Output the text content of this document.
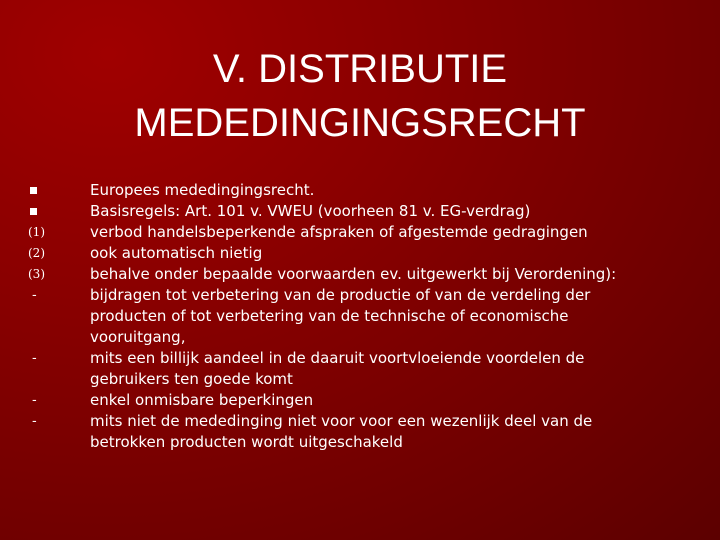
V. DISTRIBUTIE
MEDEDINGINGSRECHT
Europees mededingingsrecht.
Basisregels: Art. 101 v. VWEU (voorheen 81 v. EG-verdrag)
(1)	verbod handelsbeperkende afspraken of afgestemde gedragingen
(2)	ook automatisch nietig
(3)	behalve onder bepaalde voorwaarden ev. uitgewerkt bij Verordening):
-	bijdragen tot verbetering van de productie of van de verdeling der
producten of tot verbetering van de technische of economische
vooruitgang,
-	mits een billijk aandeel in de daaruit voortvloeiende voordelen de
gebruikers ten goede komt
-	enkel onmisbare beperkingen
-	mits niet de mededinging niet voor voor een wezenlijk deel van de
betrokken producten wordt uitgeschakeld
